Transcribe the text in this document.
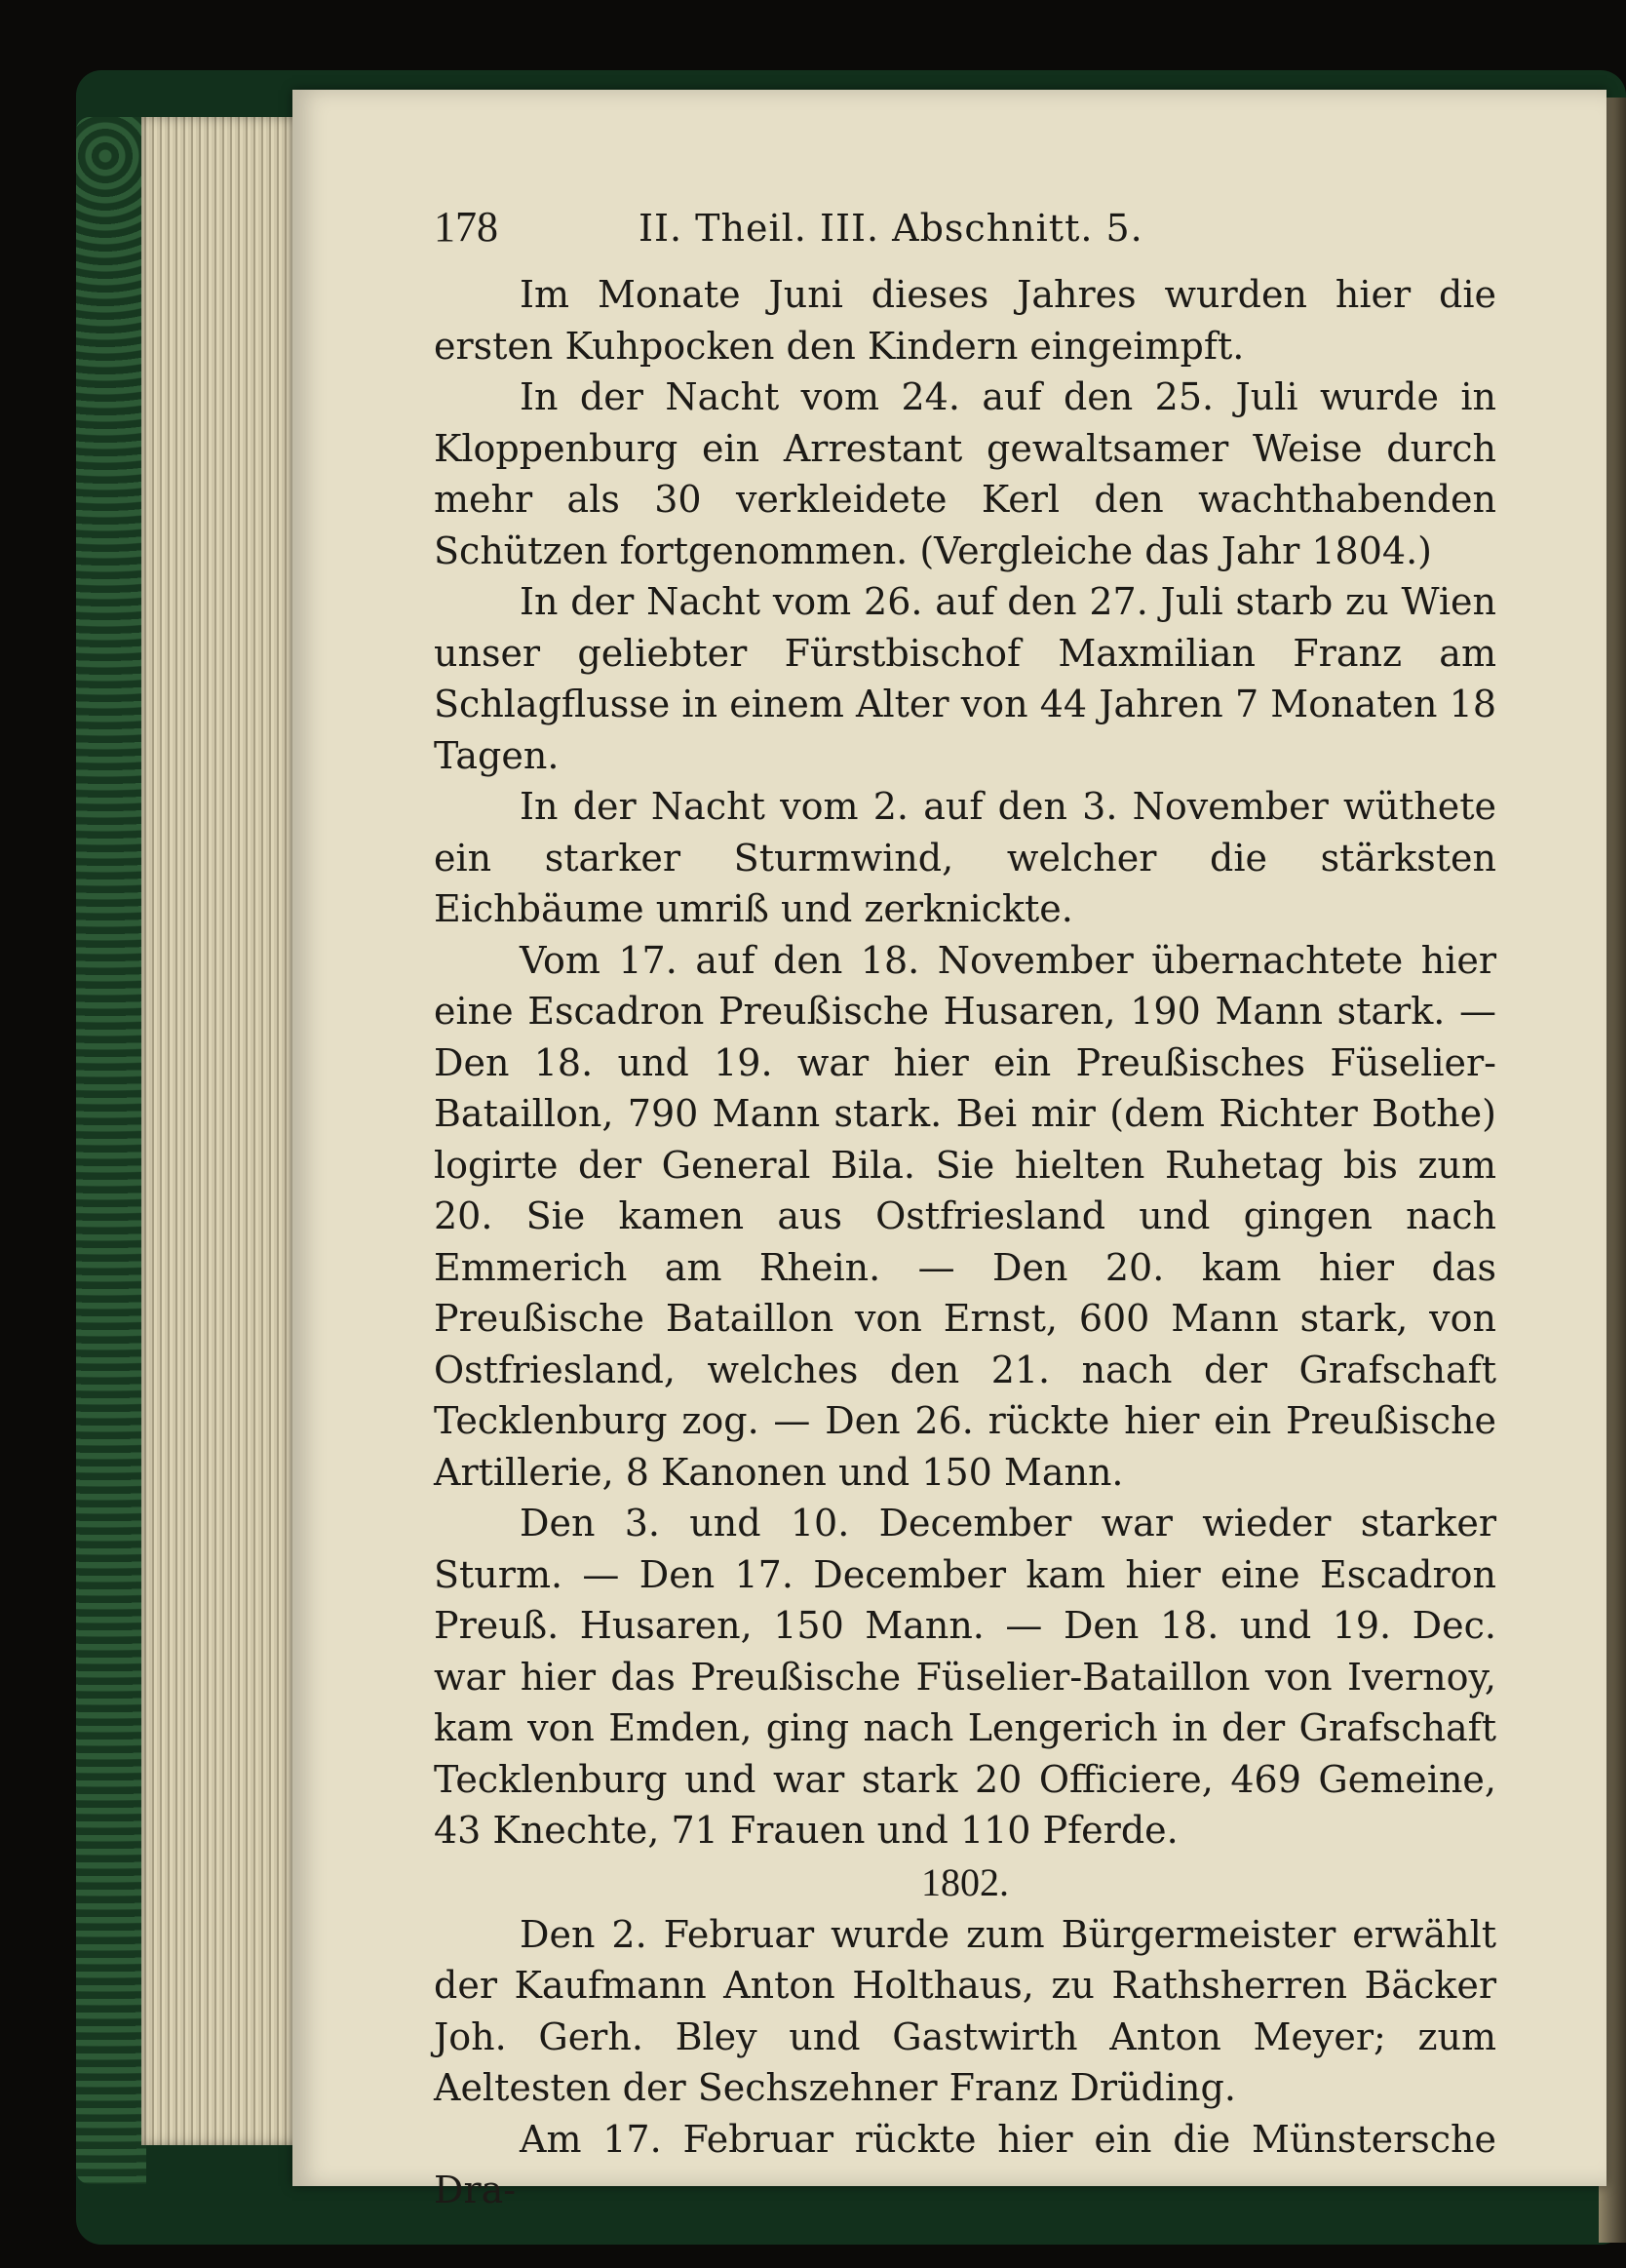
178	II. Theil. III. Abschnitt. 5.

Im Monate Juni dieses Jahres wurden hier die ersten Kuhpocken den Kindern eingeimpft.

In der Nacht vom 24. auf den 25. Juli wurde in Kloppenburg ein Arrestant gewaltsamer Weise durch mehr als 30 verkleidete Kerl den wachthabenden Schützen fortgenommen. (Vergleiche das Jahr 1804.)

In der Nacht vom 26. auf den 27. Juli starb zu Wien unser geliebter Fürstbischof Maxmilian Franz am Schlagflusse in einem Alter von 44 Jahren 7 Monaten 18 Tagen.

In der Nacht vom 2. auf den 3. November wüthete ein starker Sturmwind, welcher die stärksten Eichbäume umriß und zerknickte.

Vom 17. auf den 18. November übernachtete hier eine Escadron Preußische Husaren, 190 Mann stark. — Den 18. und 19. war hier ein Preußisches Füselier-Bataillon, 790 Mann stark. Bei mir (dem Richter Bothe) logirte der General Bila. Sie hielten Ruhetag bis zum 20. Sie kamen aus Ostfriesland und gingen nach Emmerich am Rhein. — Den 20. kam hier das Preußische Bataillon von Ernst, 600 Mann stark, von Ostfriesland, welches den 21. nach der Grafschaft Tecklenburg zog. — Den 26. rückte hier ein Preußische Artillerie, 8 Kanonen und 150 Mann.

Den 3. und 10. December war wieder starker Sturm. — Den 17. December kam hier eine Escadron Preuß. Husaren, 150 Mann. — Den 18. und 19. Dec. war hier das Preußische Füselier-Bataillon von Ivernoy, kam von Emden, ging nach Lengerich in der Grafschaft Tecklenburg und war stark 20 Officiere, 469 Gemeine, 43 Knechte, 71 Frauen und 110 Pferde.

1802.

Den 2. Februar wurde zum Bürgermeister erwählt der Kaufmann Anton Holthaus, zu Rathsherren Bäcker Joh. Gerh. Bley und Gastwirth Anton Meyer; zum Aeltesten der Sechszehner Franz Drüding.

Am 17. Februar rückte hier ein die Münstersche Dra-
